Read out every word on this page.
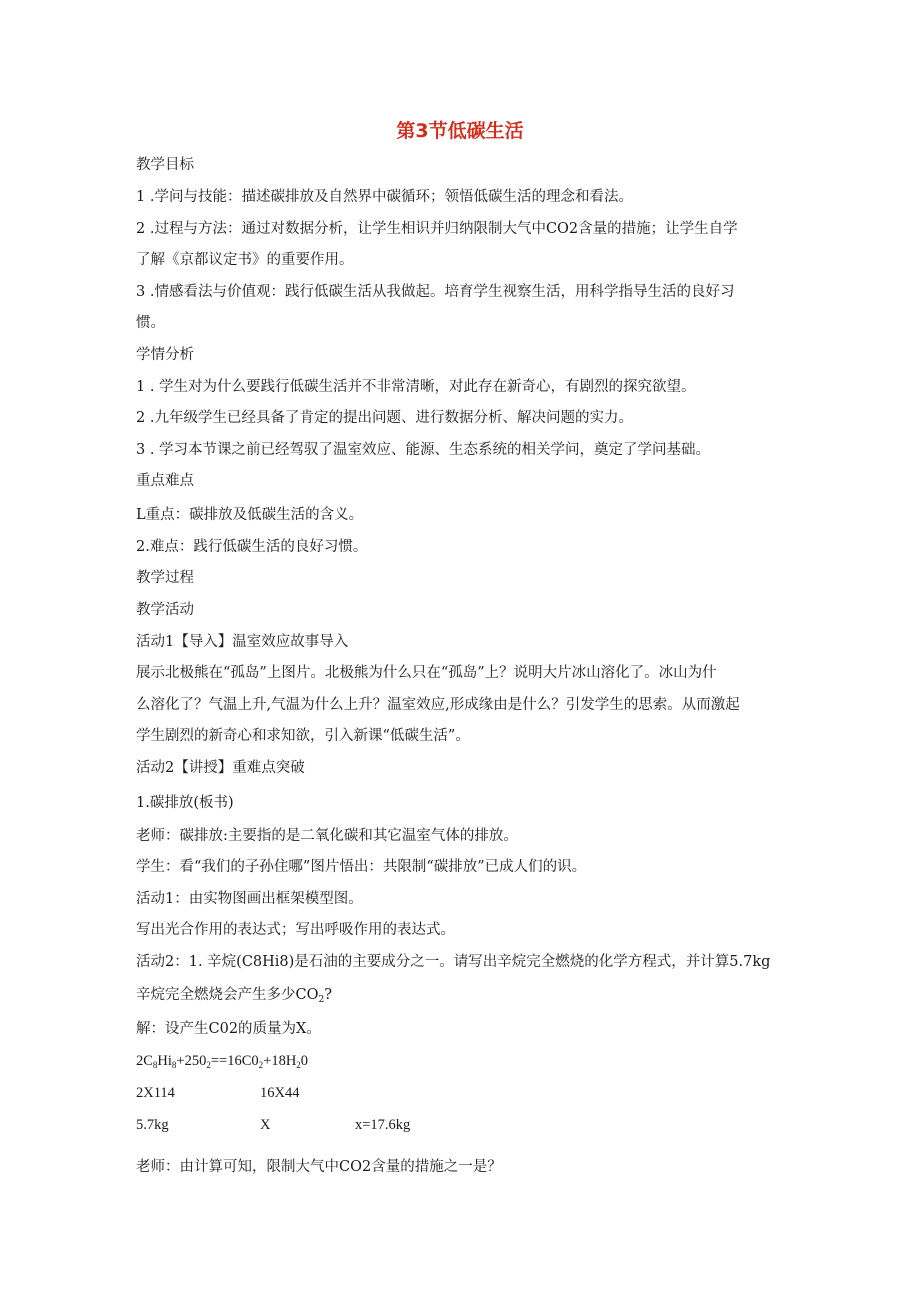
第3节低碳生活
教学目标
1 .学问与技能：描述碳排放及自然界中碳循环；领悟低碳生活的理念和看法。
2 .过程与方法：通过对数据分析，让学生相识并归纳限制大气中CO2含量的措施；让学生自学
了解《京都议定书》的重要作用。
3 .情感看法与价值观：践行低碳生活从我做起。培育学生视察生活，用科学指导生活的良好习
惯。
学情分析
1 . 学生对为什么要践行低碳生活并不非常清晰，对此存在新奇心，有剧烈的探究欲望。
2 .九年级学生已经具备了肯定的提出问题、进行数据分析、解决问题的实力。
3 . 学习本节课之前已经驾驭了温室效应、能源、生态系统的相关学问，奠定了学问基础。
重点难点
L重点：碳排放及低碳生活的含义。
2.难点：践行低碳生活的良好习惯。
教学过程
教学活动
活动1【导入】温室效应故事导入
展示北极熊在“孤岛”上图片。北极熊为什么只在“孤岛”上？说明大片冰山溶化了。冰山为什
么溶化了？气温上升,气温为什么上升？温室效应,形成缘由是什么？引发学生的思索。从而激起
学生剧烈的新奇心和求知欲，引入新课“低碳生活”。
活动2【讲授】重难点突破
1.碳排放(板书)
老师：碳排放:主要指的是二氧化碳和其它温室气体的排放。
学生：看“我们的子孙住哪”图片悟出：共限制“碳排放”已成人们的识。
活动1：由实物图画出框架模型图。
写出光合作用的表达式；写出呼吸作用的表达式。
活动2：1. 辛烷(C8Hi8)是石油的主要成分之一。请写出辛烷完全燃烧的化学方程式，并计算5.7kg
辛烷完全燃烧会产生多少$CO_2$?
解：设产生C02的质量为X。
$2C_8Hi_8+250_2==16C0_2+18H_20$
2X114	16X44
5.7kg	X	x=17.6kg
老师：由计算可知，限制大气中CO2含量的措施之一是？
